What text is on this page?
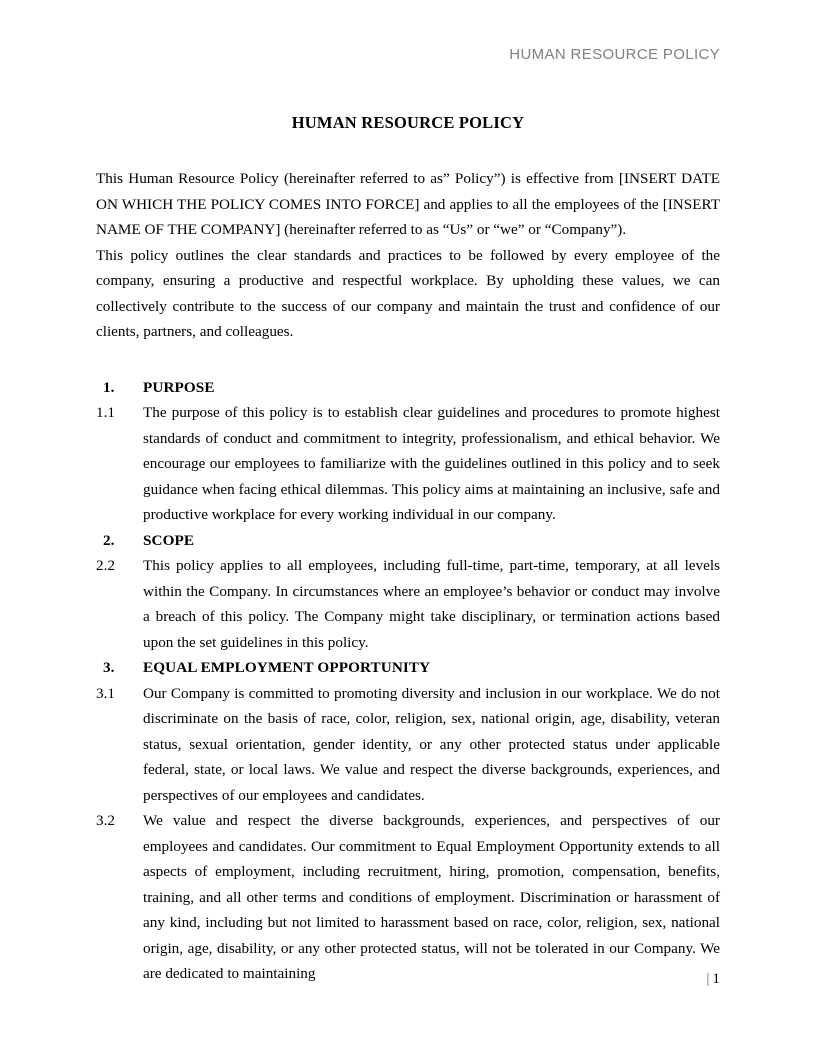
HUMAN RESOURCE POLICY
HUMAN RESOURCE POLICY

This Human Resource Policy (hereinafter referred to as” Policy”) is effective from [INSERT DATE ON WHICH THE POLICY COMES INTO FORCE] and applies to all the employees of the [INSERT NAME OF THE COMPANY] (hereinafter referred to as “Us” or “we” or “Company”).

This policy outlines the clear standards and practices to be followed by every employee of the company, ensuring a productive and respectful workplace. By upholding these values, we can collectively contribute to the success of our company and maintain the trust and confidence of our clients, partners, and colleagues.

1.	PURPOSE
1.1	The purpose of this policy is to establish clear guidelines and procedures to promote highest standards of conduct and commitment to integrity, professionalism, and ethical behavior. We encourage our employees to familiarize with the guidelines outlined in this policy and to seek guidance when facing ethical dilemmas. This policy aims at maintaining an inclusive, safe and productive workplace for every working individual in our company.
2.	SCOPE
2.2	This policy applies to all employees, including full-time, part-time, temporary, at all levels within the Company. In circumstances where an employee’s behavior or conduct may involve a breach of this policy. The Company might take disciplinary, or termination actions based upon the set guidelines in this policy.
3.	EQUAL EMPLOYMENT OPPORTUNITY
3.1	Our Company is committed to promoting diversity and inclusion in our workplace. We do not discriminate on the basis of race, color, religion, sex, national origin, age, disability, veteran status, sexual orientation, gender identity, or any other protected status under applicable federal, state, or local laws. We value and respect the diverse backgrounds, experiences, and perspectives of our employees and candidates.
3.2	We value and respect the diverse backgrounds, experiences, and perspectives of our employees and candidates. Our commitment to Equal Employment Opportunity extends to all aspects of employment, including recruitment, hiring, promotion, compensation, benefits, training, and all other terms and conditions of employment. Discrimination or harassment of any kind, including but not limited to harassment based on race, color, religion, sex, national origin, age, disability, or any other protected status, will not be tolerated in our Company. We are dedicated to maintaining	| 1
